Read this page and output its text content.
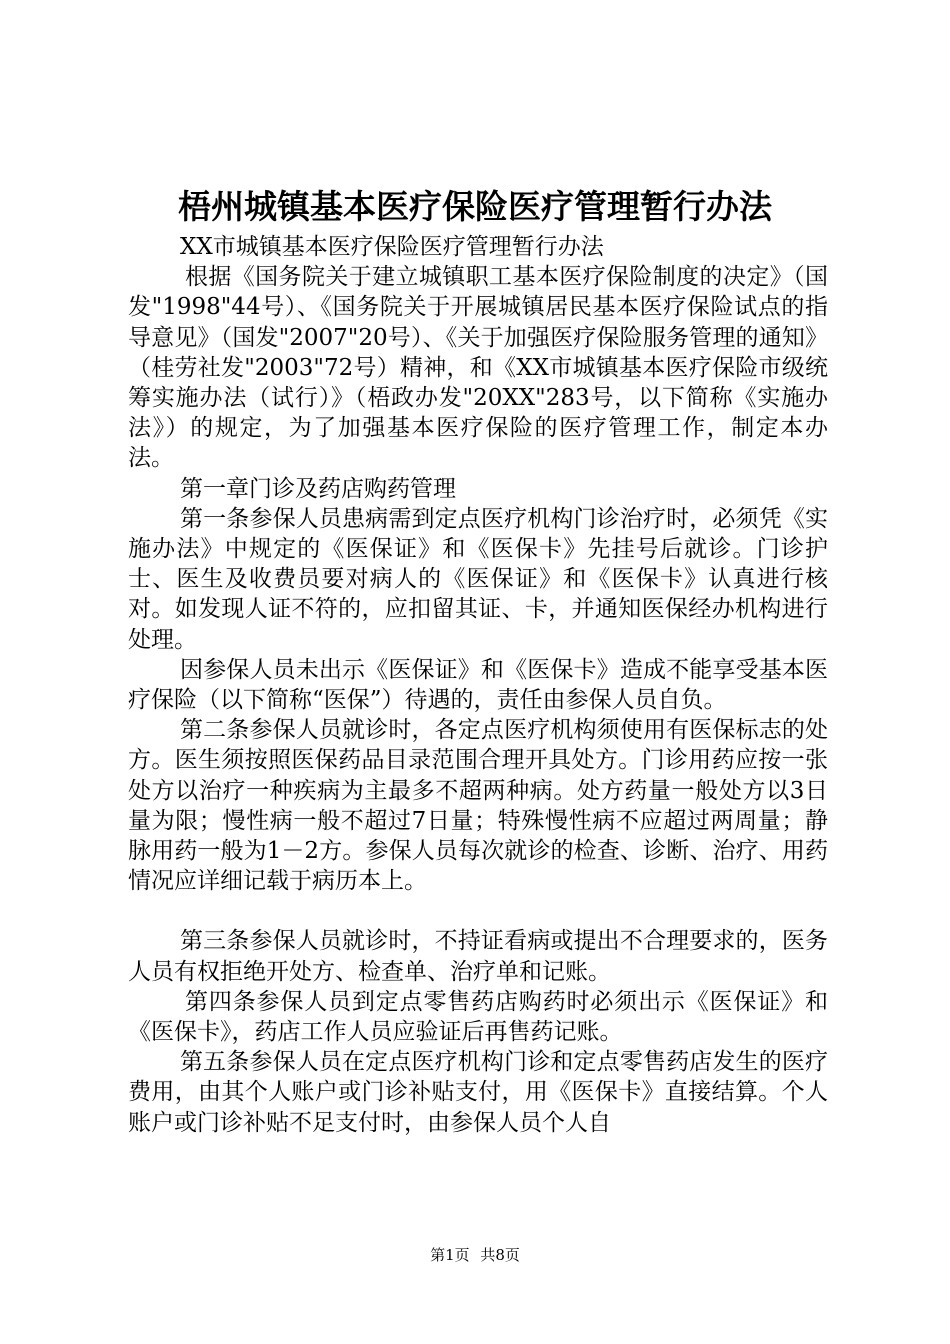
梧州城镇基本医疗保险医疗管理暂行办法

XX市城镇基本医疗保险医疗管理暂行办法

根据《国务院关于建立城镇职工基本医疗保险制度的决定》（国发"1998"44号）、《国务院关于开展城镇居民基本医疗保险试点的指导意见》（国发"2007"20号）、《关于加强医疗保险服务管理的通知》（桂劳社发"2003"72号）精神，和《XX市城镇基本医疗保险市级统筹实施办法（试行）》（梧政办发"20XX"283号，以下简称《实施办法》）的规定，为了加强基本医疗保险的医疗管理工作，制定本办法。

第一章门诊及药店购药管理

第一条参保人员患病需到定点医疗机构门诊治疗时，必须凭《实施办法》中规定的《医保证》和《医保卡》先挂号后就诊。门诊护士、医生及收费员要对病人的《医保证》和《医保卡》认真进行核对。如发现人证不符的，应扣留其证、卡，并通知医保经办机构进行处理。

因参保人员未出示《医保证》和《医保卡》造成不能享受基本医疗保险（以下简称“医保”）待遇的，责任由参保人员自负。

第二条参保人员就诊时，各定点医疗机构须使用有医保标志的处方。医生须按照医保药品目录范围合理开具处方。门诊用药应按一张处方以治疗一种疾病为主最多不超两种病。处方药量一般处方以3日量为限；慢性病一般不超过7日量；特殊慢性病不应超过两周量；静脉用药一般为1－2方。参保人员每次就诊的检查、诊断、治疗、用药情况应详细记载于病历本上。

第三条参保人员就诊时，不持证看病或提出不合理要求的，医务人员有权拒绝开处方、检查单、治疗单和记账。

第四条参保人员到定点零售药店购药时必须出示《医保证》和《医保卡》，药店工作人员应验证后再售药记账。

第五条参保人员在定点医疗机构门诊和定点零售药店发生的医疗费用，由其个人账户或门诊补贴支付，用《医保卡》直接结算。个人账户或门诊补贴不足支付时，由参保人员个人自

第1页 共8页
